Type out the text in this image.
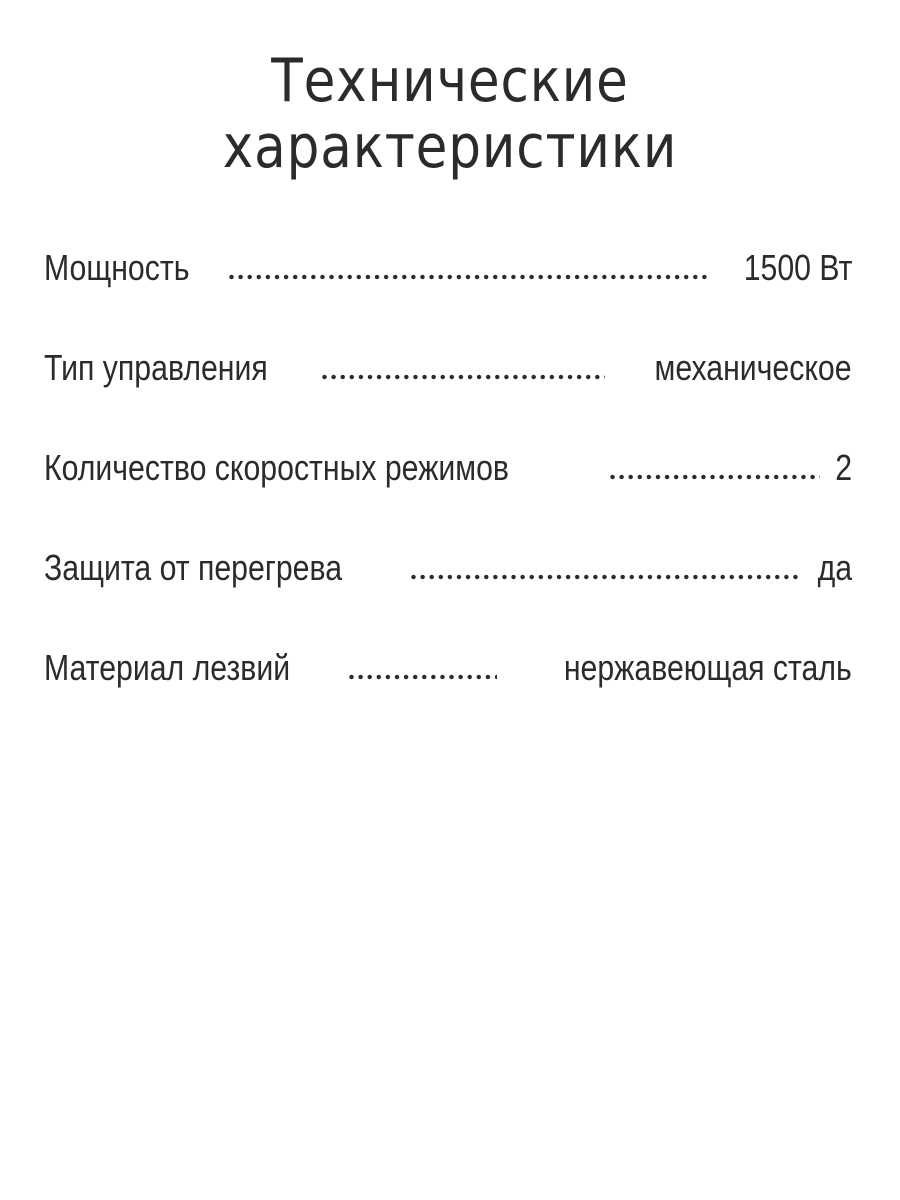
Технические
характеристики
Мощность	1500 Вт
Тип управления	механическое
Количество скоростных режимов	2
Защита от перегрева	да
Материал лезвий	нержавеющая сталь
